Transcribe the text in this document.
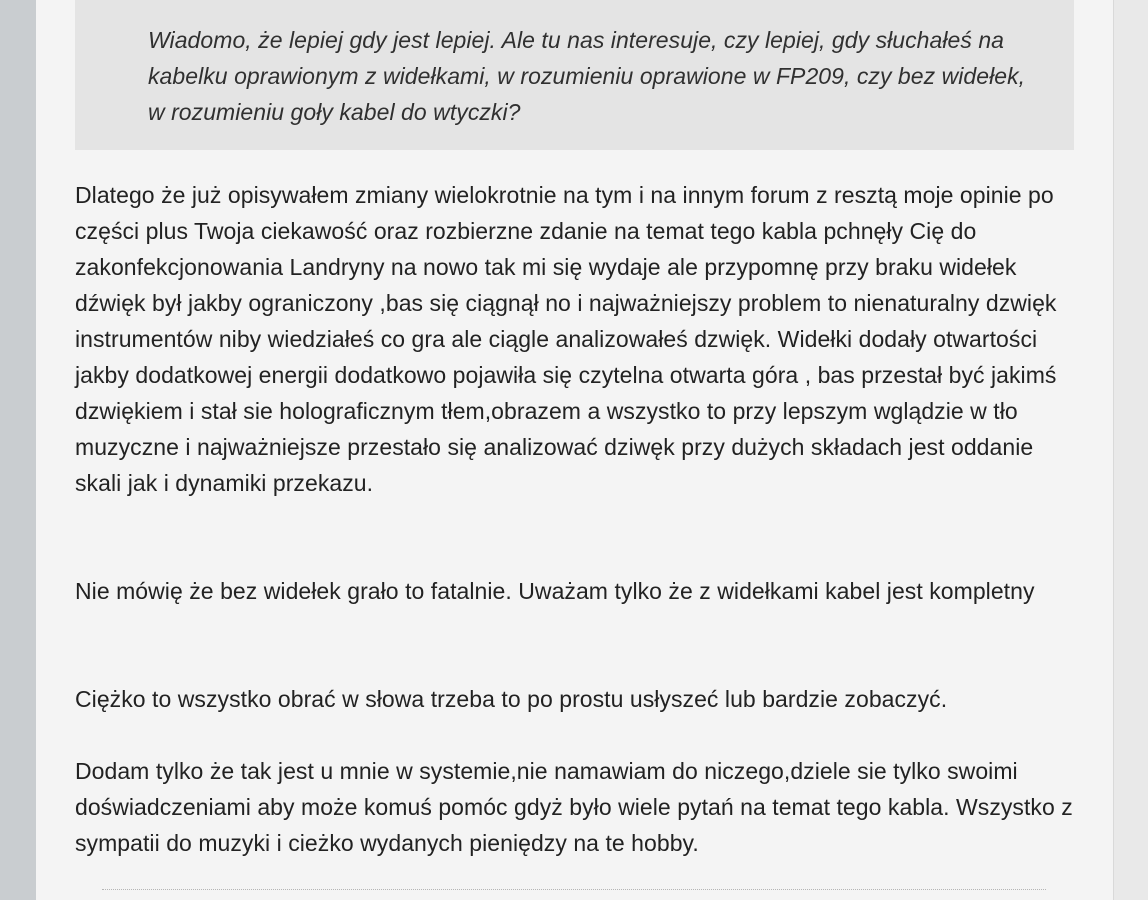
Wiadomo, że lepiej gdy jest lepiej. Ale tu nas interesuje, czy lepiej, gdy słuchałeś na kabelku oprawionym z widełkami, w rozumieniu oprawione w FP209, czy bez widełek, w rozumieniu goły kabel do wtyczki?

Dlatego że już opisywałem zmiany wielokrotnie na tym i na innym forum z resztą moje opinie po części plus Twoja ciekawość oraz rozbierzne zdanie na temat tego kabla pchnęły Cię do zakonfekcjonowania Landryny na nowo tak mi się wydaje ale przypomnę przy braku widełek dźwięk był jakby ograniczony ,bas się ciągnął no i najważniejszy problem to nienaturalny dzwięk instrumentów niby wiedziałeś co gra ale ciągle analizowałeś dzwięk. Widełki dodały otwartości jakby dodatkowej energii dodatkowo pojawiła się czytelna otwarta góra , bas przestał być jakimś dzwiękiem i stał sie holograficznym tłem,obrazem a wszystko to przy lepszym wglądzie w tło muzyczne i najważniejsze przestało się analizować dziwęk przy dużych składach jest oddanie skali jak i dynamiki przekazu.

Nie mówię że bez widełek grało to fatalnie. Uważam tylko że z widełkami kabel jest kompletny

Ciężko to wszystko obrać w słowa trzeba to po prostu usłyszeć lub bardzie zobaczyć.

Dodam tylko że tak jest u mnie w systemie,nie namawiam do niczego,dziele sie tylko swoimi doświadczeniami aby może komuś pomóc gdyż było wiele pytań na temat tego kabla. Wszystko z sympatii do muzyki i cieżko wydanych pieniędzy na te hobby.
